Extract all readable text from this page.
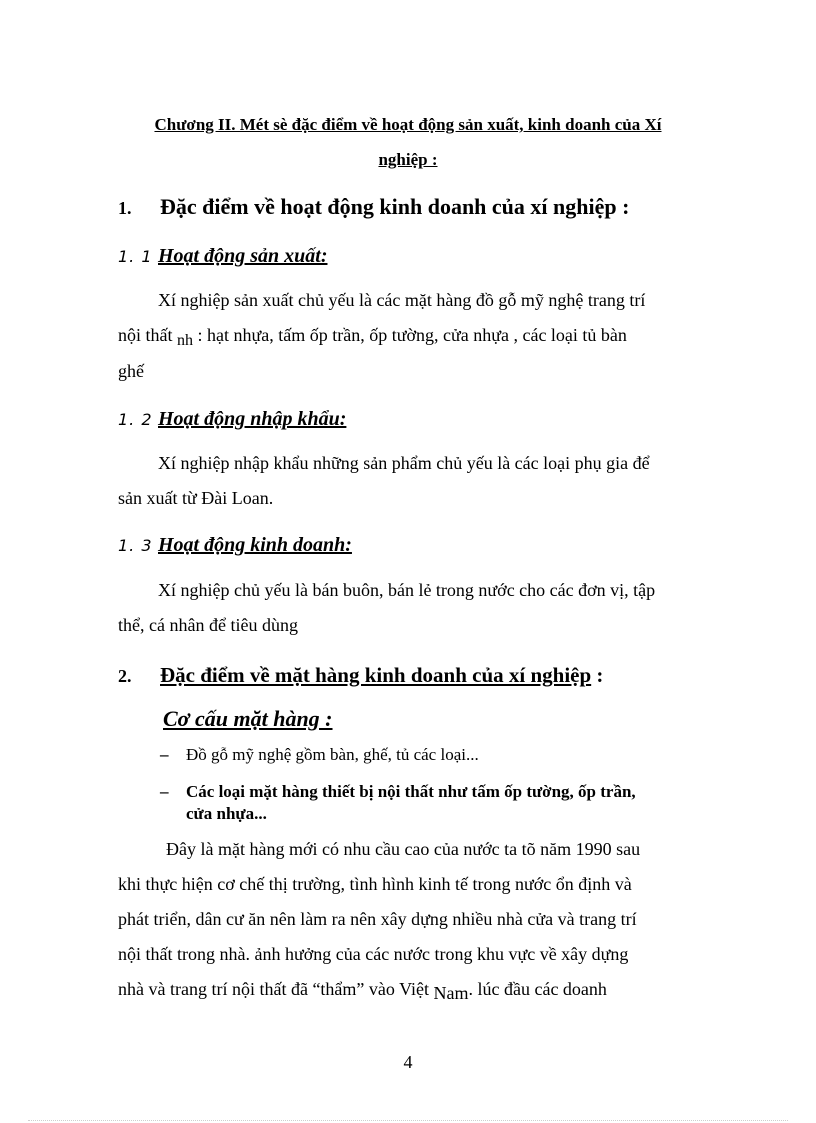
Chương II. Mét sè đặc điểm về hoạt động sản xuất, kinh doanh của Xí
nghiệp :
1. Đặc điểm về hoạt động kinh doanh của xí nghiệp :
1. 1 Hoạt động sản xuất:
Xí nghiệp sản xuất chủ yếu là các mặt hàng đồ gỗ mỹ nghệ trang trí
nội thất nh : hạt nhựa, tấm ốp trần, ốp tường, cửa nhựa , các loại tủ bàn
ghế
1. 2 Hoạt động nhập khẩu:
Xí nghiệp nhập khẩu những sản phẩm chủ yếu là các loại phụ gia để
sản xuất từ Đài Loan.
1. 3 Hoạt động kinh doanh:
Xí nghiệp chủ yếu là bán buôn, bán lẻ trong nước cho các đơn vị, tập
thể, cá nhân để tiêu dùng
2. Đặc điểm về mặt hàng kinh doanh của xí nghiệp :
Cơ cấu mặt hàng :
– Đồ gỗ mỹ nghệ gồm bàn, ghế, tủ các loại...
– Các loại mặt hàng thiết bị nội thất như tấm ốp tường, ốp trần,
cửa nhựa...
Đây là mặt hàng mới có nhu cầu cao của nước ta tõ năm 1990 sau
khi thực hiện cơ chế thị trường, tình hình kinh tế trong nước ổn định và
phát triển, dân cư ăn nên làm ra nên xây dựng nhiều nhà cửa và trang trí
nội thất trong nhà. ảnh hưởng của các nước trong khu vực về xây dựng
nhà và trang trí nội thất đã “thẩm” vào Việt Nam. lúc đầu các doanh
4
